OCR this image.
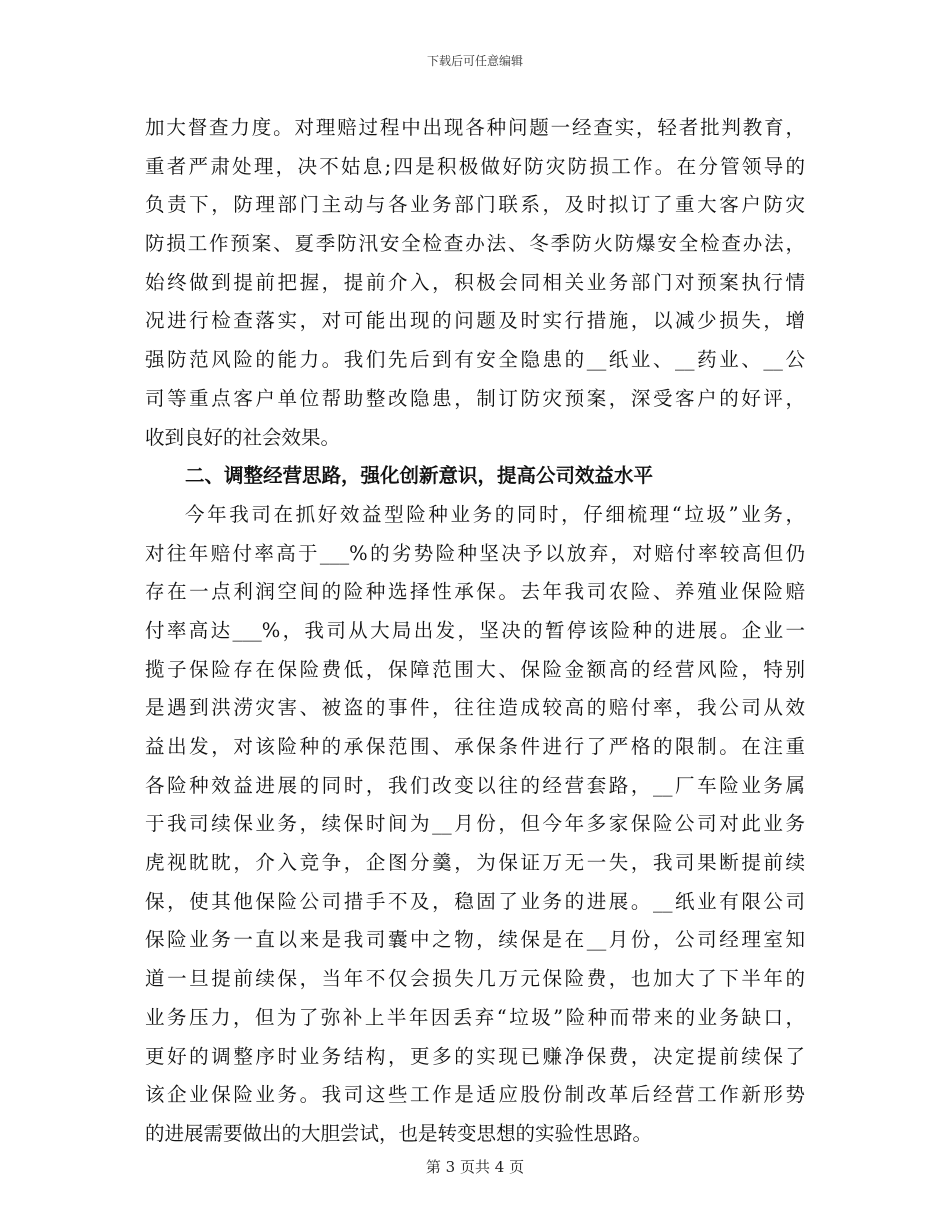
下载后可任意编辑
加大督查力度。对理赔过程中出现各种问题一经查实，轻者批判教育，
重者严肃处理，决不姑息;四是积极做好防灾防损工作。在分管领导的
负责下，防理部门主动与各业务部门联系，及时拟订了重大客户防灾
防损工作预案、夏季防汛安全检查办法、冬季防火防爆安全检查办法，
始终做到提前把握，提前介入，积极会同相关业务部门对预案执行情
况进行检查落实，对可能出现的问题及时实行措施，以减少损失，增
强防范风险的能力。我们先后到有安全隐患的__纸业、__药业、__公
司等重点客户单位帮助整改隐患，制订防灾预案，深受客户的好评，
收到良好的社会效果。
二、调整经营思路，强化创新意识，提高公司效益水平
今年我司在抓好效益型险种业务的同时，仔细梳理“垃圾”业务，
对往年赔付率高于___%的劣势险种坚决予以放弃，对赔付率较高但仍
存在一点利润空间的险种选择性承保。去年我司农险、养殖业保险赔
付率高达___%，我司从大局出发，坚决的暂停该险种的进展。企业一
揽子保险存在保险费低，保障范围大、保险金额高的经营风险，特别
是遇到洪涝灾害、被盗的事件，往往造成较高的赔付率，我公司从效
益出发，对该险种的承保范围、承保条件进行了严格的限制。在注重
各险种效益进展的同时，我们改变以往的经营套路，__厂车险业务属
于我司续保业务，续保时间为__月份，但今年多家保险公司对此业务
虎视眈眈，介入竞争，企图分羹，为保证万无一失，我司果断提前续
保，使其他保险公司措手不及，稳固了业务的进展。__纸业有限公司
保险业务一直以来是我司囊中之物，续保是在__月份，公司经理室知
道一旦提前续保，当年不仅会损失几万元保险费，也加大了下半年的
业务压力，但为了弥补上半年因丢弃“垃圾”险种而带来的业务缺口，
更好的调整序时业务结构，更多的实现已赚净保费，决定提前续保了
该企业保险业务。我司这些工作是适应股份制改革后经营工作新形势
的进展需要做出的大胆尝试，也是转变思想的实验性思路。
第 3 页共 4 页
